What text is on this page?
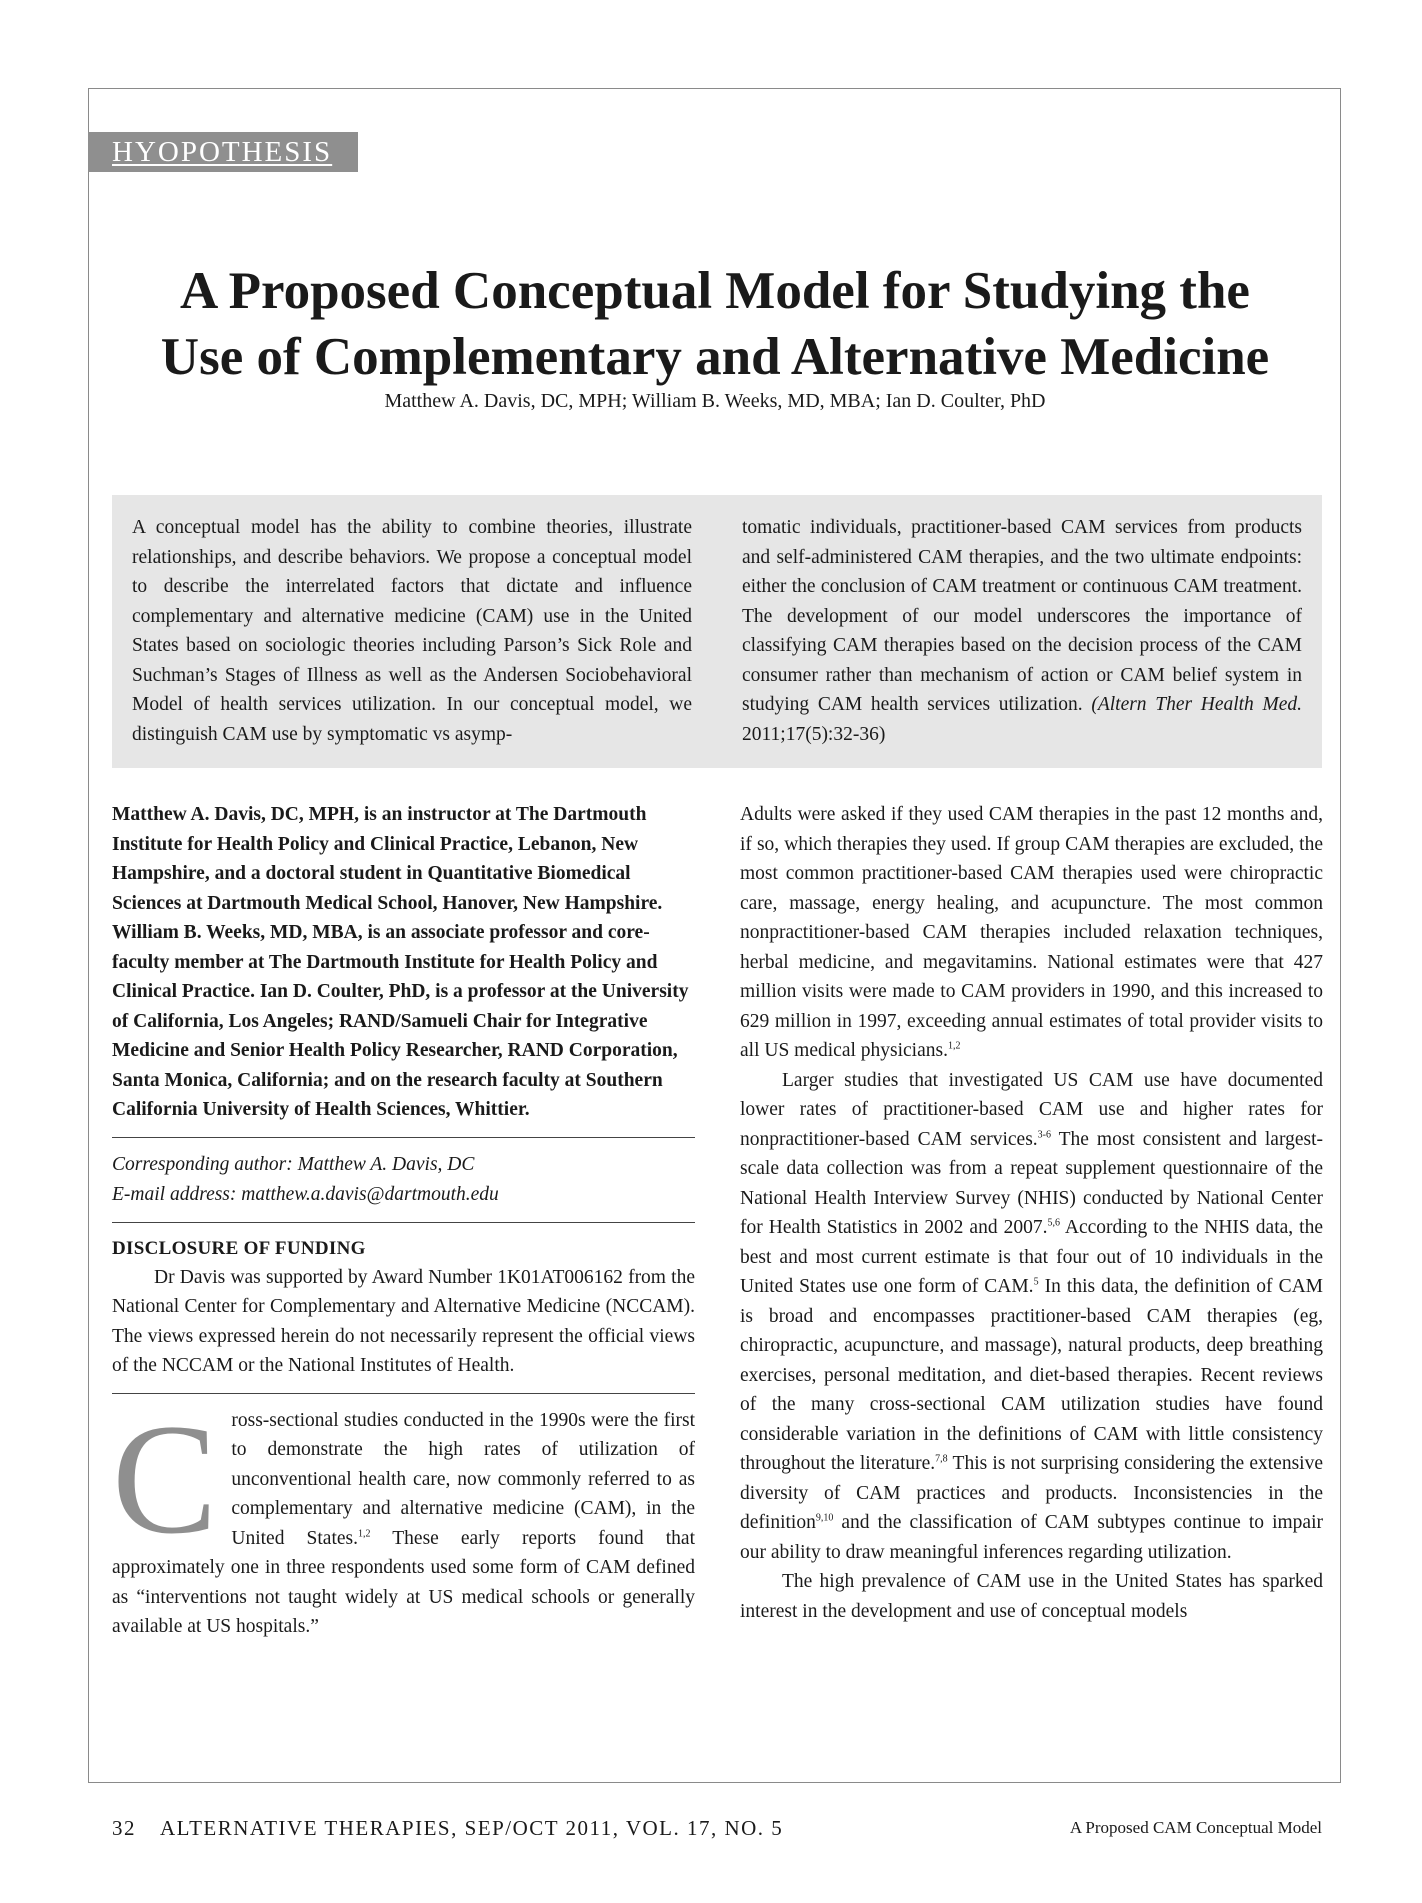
HYOPOTHESIS
A Proposed Conceptual Model for Studying the
Use of Complementary and Alternative Medicine
Matthew A. Davis, DC, MPH; William B. Weeks, MD, MBA; Ian D. Coulter, PhD

A conceptual model has the ability to combine theories, illustrate relationships, and describe behaviors. We propose a conceptual model to describe the interrelated factors that dictate and influence complementary and alternative medicine (CAM) use in the United States based on sociologic theories including Parson’s Sick Role and Suchman’s Stages of Illness as well as the Andersen Sociobehavioral Model of health services utilization. In our conceptual model, we distinguish CAM use by symptomatic vs asymp-

tomatic individuals, practitioner-based CAM services from products and self-administered CAM therapies, and the two ultimate endpoints: either the conclusion of CAM treatment or continuous CAM treatment. The development of our model underscores the importance of classifying CAM therapies based on the decision process of the CAM consumer rather than mechanism of action or CAM belief system in studying CAM health services utilization. (Altern Ther Health Med. 2011;17(5):32-36)

Matthew A. Davis, DC, MPH, is an instructor at The Dartmouth Institute for Health Policy and Clinical Practice, Lebanon, New Hampshire, and a doctoral student in Quantitative Biomedical Sciences at Dartmouth Medical School, Hanover, New Hampshire. William B. Weeks, MD, MBA, is an associate professor and core-faculty member at The Dartmouth Institute for Health Policy and Clinical Practice. Ian D. Coulter, PhD, is a professor at the University of California, Los Angeles; RAND/Samueli Chair for Integrative Medicine and Senior Health Policy Researcher, RAND Corporation, Santa Monica, California; and on the research faculty at Southern California University of Health Sciences, Whittier.

Corresponding author: Matthew A. Davis, DC

E-mail address: matthew.a.davis@dartmouth.edu

DISCLOSURE OF FUNDING

Dr Davis was supported by Award Number 1K01AT006162 from the National Center for Complementary and Alternative Medicine (NCCAM). The views expressed herein do not necessarily represent the official views of the NCCAM or the National Institutes of Health.

Cross-sectional studies conducted in the 1990s were the first to demonstrate the high rates of utilization of unconventional health care, now commonly referred to as complementary and alternative medicine (CAM), in the United States.$^{1,2}$ These early reports found that approximately one in three respondents used some form of CAM defined as “interventions not taught widely at US medical schools or generally available at US hospitals.”

Adults were asked if they used CAM therapies in the past 12 months and, if so, which therapies they used. If group CAM therapies are excluded, the most common practitioner-based CAM therapies used were chiropractic care, massage, energy healing, and acupuncture. The most common nonpractitioner-based CAM therapies included relaxation techniques, herbal medicine, and megavitamins. National estimates were that 427 million visits were made to CAM providers in 1990, and this increased to 629 million in 1997, exceeding annual estimates of total provider visits to all US medical physicians.$^{1,2}$

Larger studies that investigated US CAM use have documented lower rates of practitioner-based CAM use and higher rates for nonpractitioner-based CAM services.$^{3-6}$ The most consistent and largest-scale data collection was from a repeat supplement questionnaire of the National Health Interview Survey (NHIS) conducted by National Center for Health Statistics in 2002 and 2007.$^{5,6}$ According to the NHIS data, the best and most current estimate is that four out of 10 individuals in the United States use one form of CAM.$^5$ In this data, the definition of CAM is broad and encompasses practitioner-based CAM therapies (eg, chiropractic, acupuncture, and massage), natural products, deep breathing exercises, personal meditation, and diet-based therapies. Recent reviews of the many cross-sectional CAM utilization studies have found considerable variation in the definitions of CAM with little consistency throughout the literature.$^{7,8}$ This is not surprising considering the extensive diversity of CAM practices and products. Inconsistencies in the definition$^{9,10}$ and the classification of CAM subtypes continue to impair our ability to draw meaningful inferences regarding utilization.

The high prevalence of CAM use in the United States has sparked interest in the development and use of conceptual models

32 ALTERNATIVE THERAPIES, SEP/OCT 2011, VOL. 17, NO. 5	A Proposed CAM Conceptual Model
